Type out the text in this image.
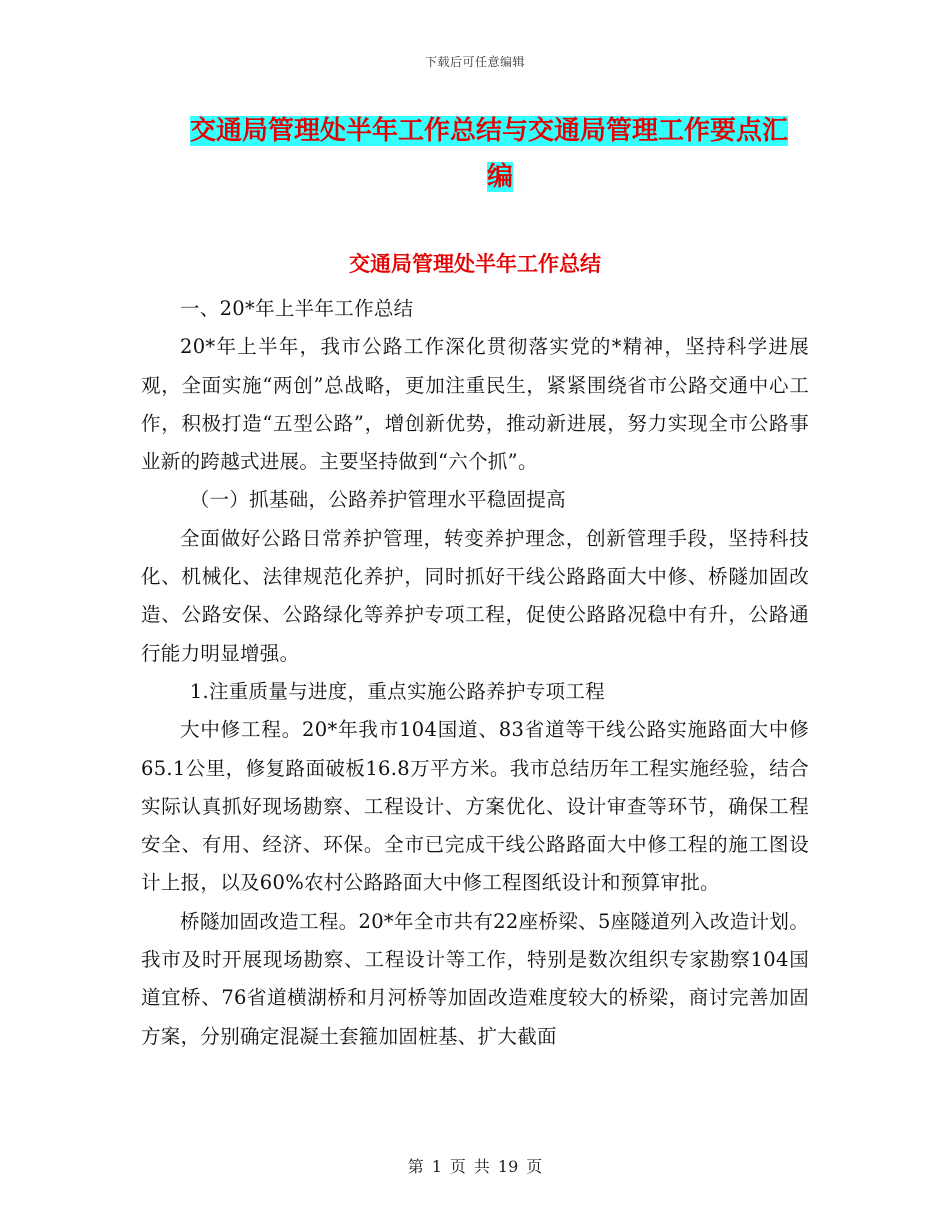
下载后可任意编辑
交通局管理处半年工作总结与交通局管理工作要点汇
编
交通局管理处半年工作总结

一、20*年上半年工作总结

20*年上半年，我市公路工作深化贯彻落实党的*精神，坚持科学进展观，全面实施“两创”总战略，更加注重民生，紧紧围绕省市公路交通中心工作，积极打造“五型公路”，增创新优势，推动新进展，努力实现全市公路事业新的跨越式进展。主要坚持做到“六个抓”。

（一）抓基础，公路养护管理水平稳固提高

全面做好公路日常养护管理，转变养护理念，创新管理手段，坚持科技化、机械化、法律规范化养护，同时抓好干线公路路面大中修、桥隧加固改造、公路安保、公路绿化等养护专项工程，促使公路路况稳中有升，公路通行能力明显增强。

1.注重质量与进度，重点实施公路养护专项工程

大中修工程。20*年我市104国道、83省道等干线公路实施路面大中修65.1公里，修复路面破板16.8万平方米。我市总结历年工程实施经验，结合实际认真抓好现场勘察、工程设计、方案优化、设计审查等环节，确保工程安全、有用、经济、环保。全市已完成干线公路路面大中修工程的施工图设计上报，以及60%农村公路路面大中修工程图纸设计和预算审批。

桥隧加固改造工程。20*年全市共有22座桥梁、5座隧道列入改造计划。我市及时开展现场勘察、工程设计等工作，特别是数次组织专家勘察104国道宜桥、76省道横湖桥和月河桥等加固改造难度较大的桥梁，商讨完善加固方案，分别确定混凝土套箍加固桩基、扩大截面

第 1 页 共 19 页
